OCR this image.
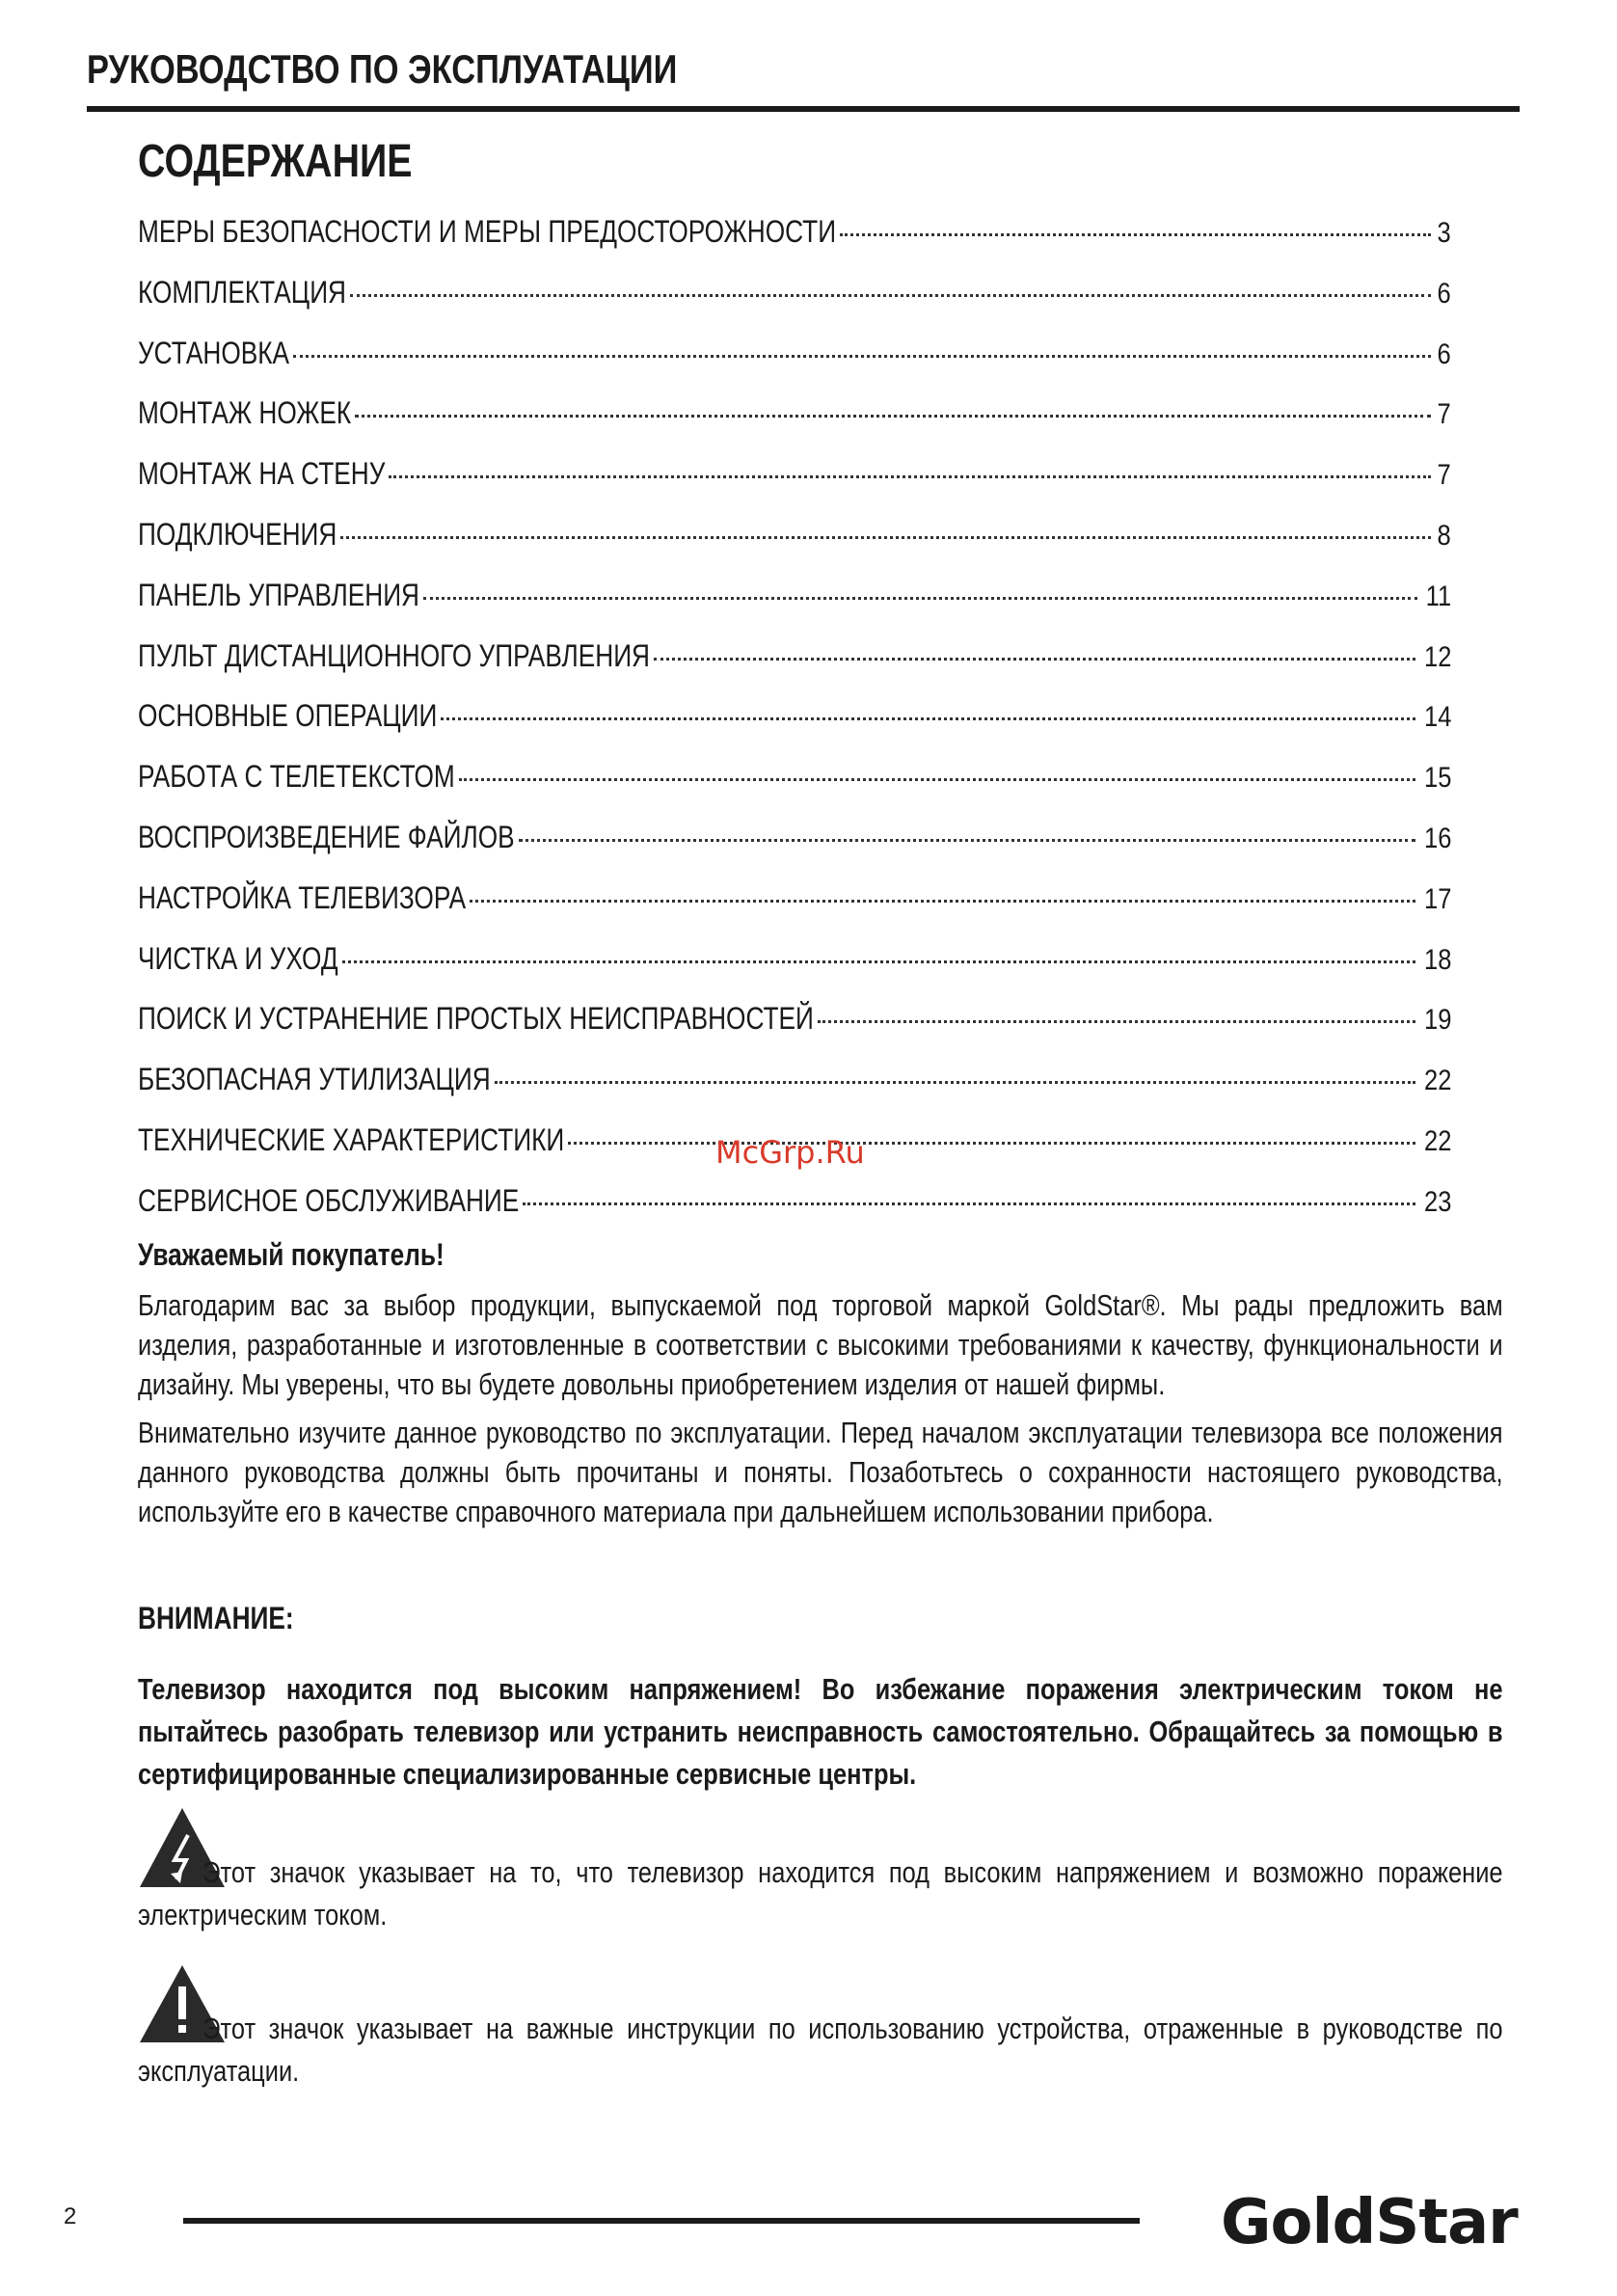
РУКОВОДСТВО ПО ЭКСПЛУАТАЦИИ
СОДЕРЖАНИЕ
МЕРЫ БЕЗОПАСНОСТИ И МЕРЫ ПРЕДОСТОРОЖНОСТИ	3
КОМПЛЕКТАЦИЯ	6
УСТАНОВКА	6
МОНТАЖ НОЖЕК	7
МОНТАЖ НА СТЕНУ	7
ПОДКЛЮЧЕНИЯ	8
ПАНЕЛЬ УПРАВЛЕНИЯ	11
ПУЛЬТ ДИСТАНЦИОННОГО УПРАВЛЕНИЯ	12
ОСНОВНЫЕ ОПЕРАЦИИ	14
РАБОТА С ТЕЛЕТЕКСТОМ	15
ВОСПРОИЗВЕДЕНИЕ ФАЙЛОВ	16
НАСТРОЙКА ТЕЛЕВИЗОРА	17
ЧИСТКА И УХОД	18
ПОИСК И УСТРАНЕНИЕ ПРОСТЫХ НЕИСПРАВНОСТЕЙ	19
БЕЗОПАСНАЯ УТИЛИЗАЦИЯ	22
ТЕХНИЧЕСКИЕ ХАРАКТЕРИСТИКИ	22
СЕРВИСНОЕ ОБСЛУЖИВАНИЕ	23
McGrp.Ru
Уважаемый покупатель!
Благодарим вас за выбор продукции, выпускаемой под торговой маркой GoldStar®. Мы рады предложить вам изделия, разработанные и изготовленные в соответствии с высокими требованиями к качеству, функциональности и дизайну. Мы уверены, что вы будете довольны приобретением изделия от нашей фирмы.
Внимательно изучите данное руководство по эксплуатации. Перед началом эксплуатации телевизора все положения данного руководства должны быть прочитаны и поняты. Позаботьтесь о сохранности настоящего руководства, используйте его в качестве справочного материала при дальнейшем использовании прибора.
ВНИМАНИЕ:
Телевизор находится под высоким напряжением! Во избежание поражения электрическим током не пытайтесь разобрать телевизор или устранить неисправность самостоятельно. Обращайтесь за помощью в сертифицированные специализированные сервисные центры.
Этот значок указывает на то, что телевизор находится под высоким напряжением и возможно поражение электрическим током.
Этот значок указывает на важные инструкции по использованию устройства, отраженные в руководстве по эксплуатации.
2	GoldStar
